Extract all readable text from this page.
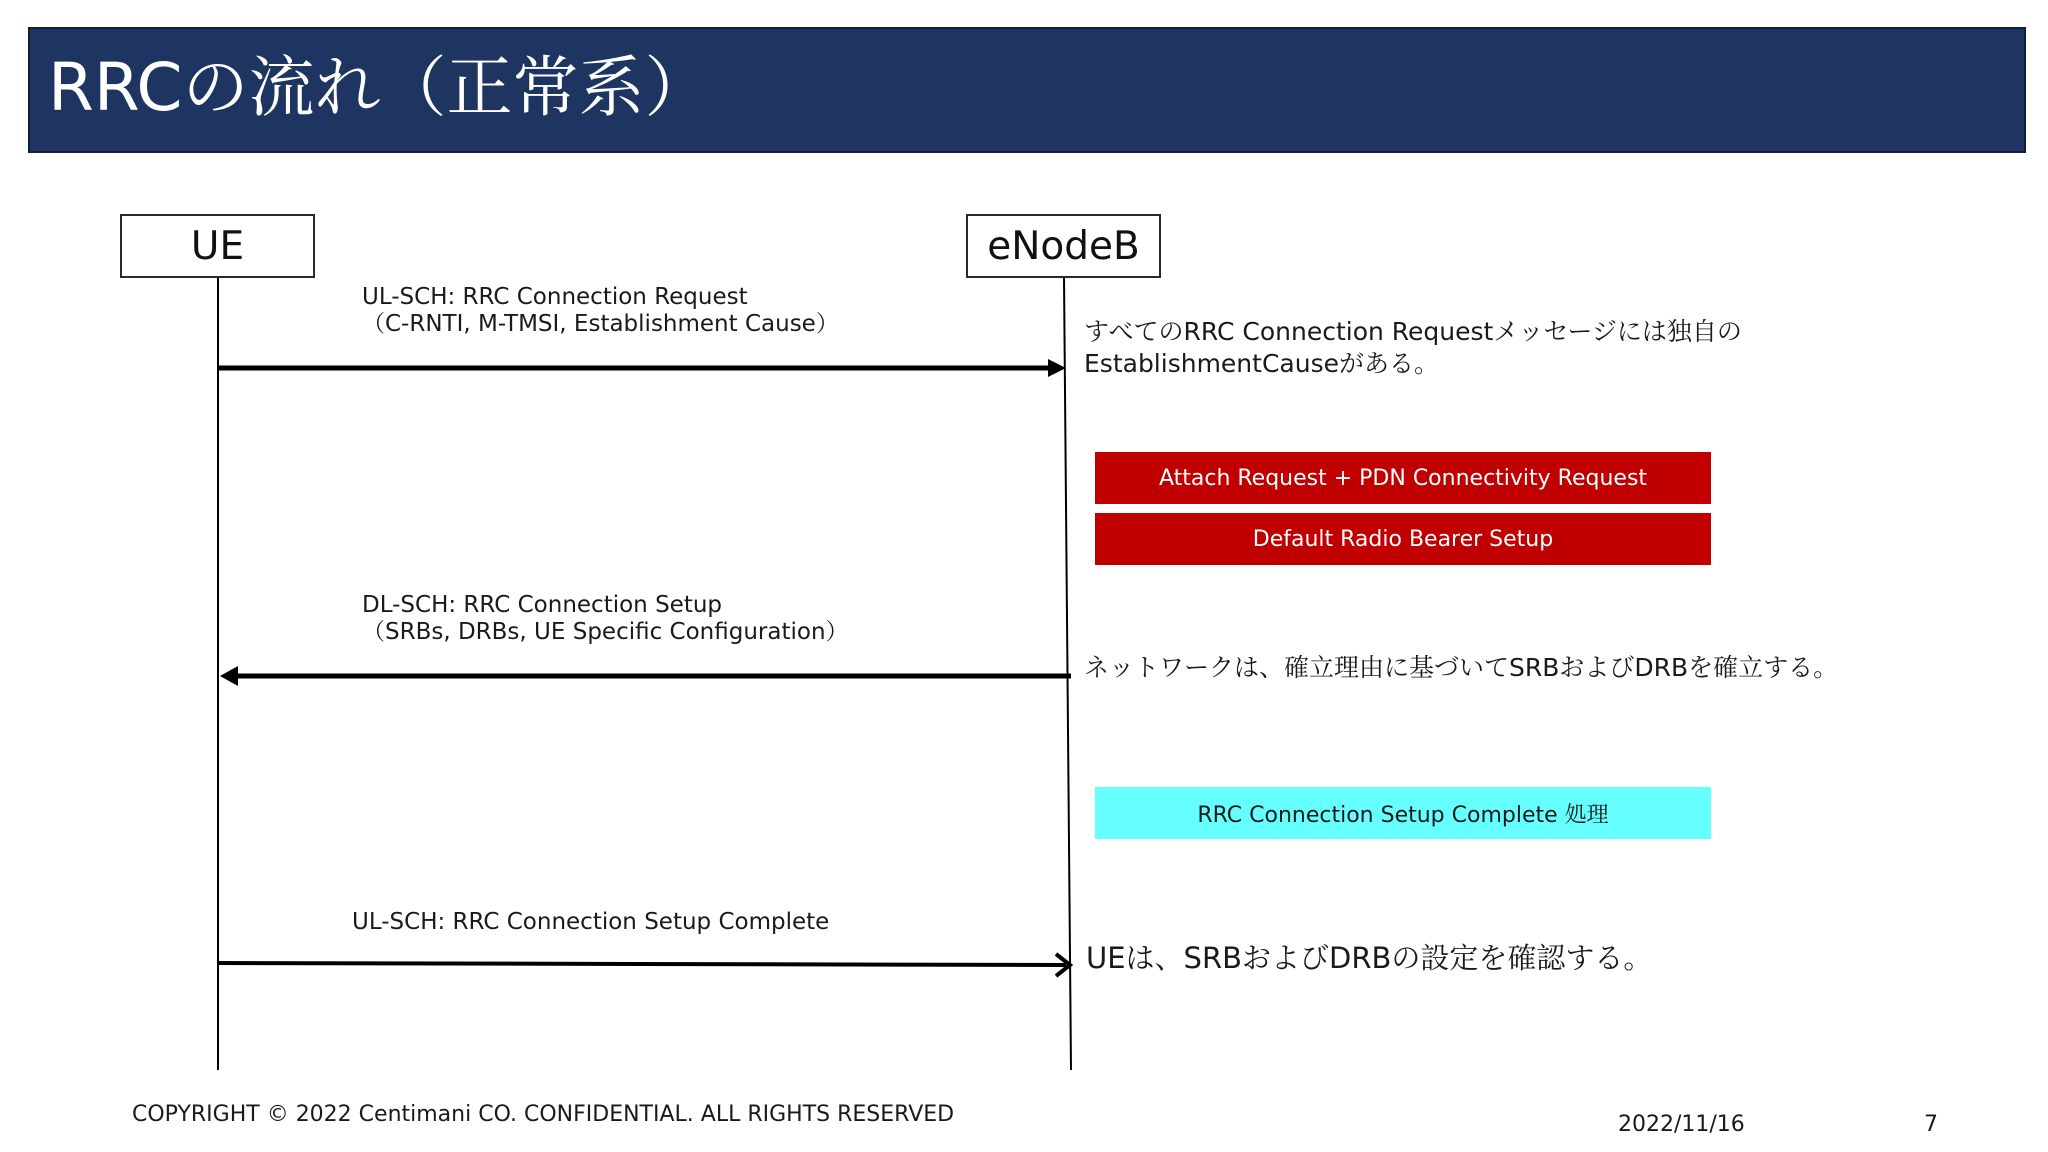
RRCの流れ（正常系）
UE	eNodeB
UL-SCH: RRC Connection Request
（C-RNTI, M-TMSI, Establishment Cause）	すべてのRRC Connection Requestメッセージには独自の
EstablishmentCauseがある。
Attach Request + PDN Connectivity Request
Default Radio Bearer Setup
DL-SCH: RRC Connection Setup
（SRBs, DRBs, UE Specific Configuration）
ネットワークは、確立理由に基づいてSRBおよびDRBを確立する。
RRC Connection Setup Complete 処理
UL-SCH: RRC Connection Setup Complete
UEは、SRBおよびDRBの設定を確認する。
COPYRIGHT © 2022 Centimani CO. CONFIDENTIAL. ALL RIGHTS RESERVED	2022/11/16	7
